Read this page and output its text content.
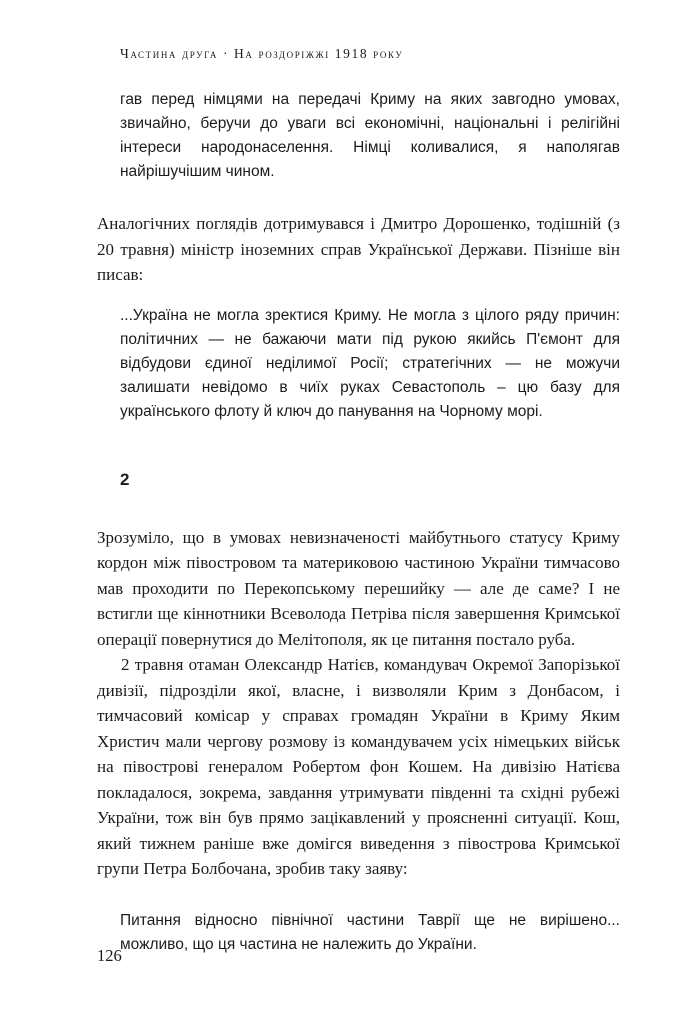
Частина друга · На роздоріжжі 1918 року

гав перед німцями на передачі Криму на яких завгодно умовах, звичайно, беручи до уваги всі економічні, національні і релігійні інтереси народонаселення. Німці коливалися, я наполягав найрішучішим чином.

Аналогічних поглядів дотримувався і Дмитро Дорошенко, тодішній (з 20 травня) міністр іноземних справ Української Держави. Пізніше він писав:

...Україна не могла зректися Криму. Не могла з цілого ряду причин: політичних — не бажаючи мати під рукою якийсь П'ємонт для відбудови єдиної неділимої Росії; стратегічних — не можучи залишати невідомо в чиїх руках Севастополь – цю базу для українського флоту й ключ до панування на Чорному морі.

2

Зрозуміло, що в умовах невизначеності майбутнього статусу Криму кордон між півостровом та материковою частиною України тимчасово мав проходити по Перекопському перешийку — але де саме? І не встигли ще кіннотники Всеволода Петріва після завершення Кримської операції повернутися до Мелітополя, як це питання постало руба.

2 травня отаман Олександр Натієв, командувач Окремої Запорізької дивізії, підрозділи якої, власне, і визволяли Крим з Донбасом, і тимчасовий комісар у справах громадян України в Криму Яким Христич мали чергову розмову із командувачем усіх німецьких військ на півострові генералом Робертом фон Кошем. На дивізію Натієва покладалося, зокрема, завдання утримувати південні та східні рубежі України, тож він був прямо зацікавлений у проясненні ситуації. Кош, який тижнем раніше вже домігся виведення з півострова Кримської групи Петра Болбочана, зробив таку заяву:

Питання відносно північної частини Таврії ще не вирішено... можливо, що ця частина не належить до України.

126
